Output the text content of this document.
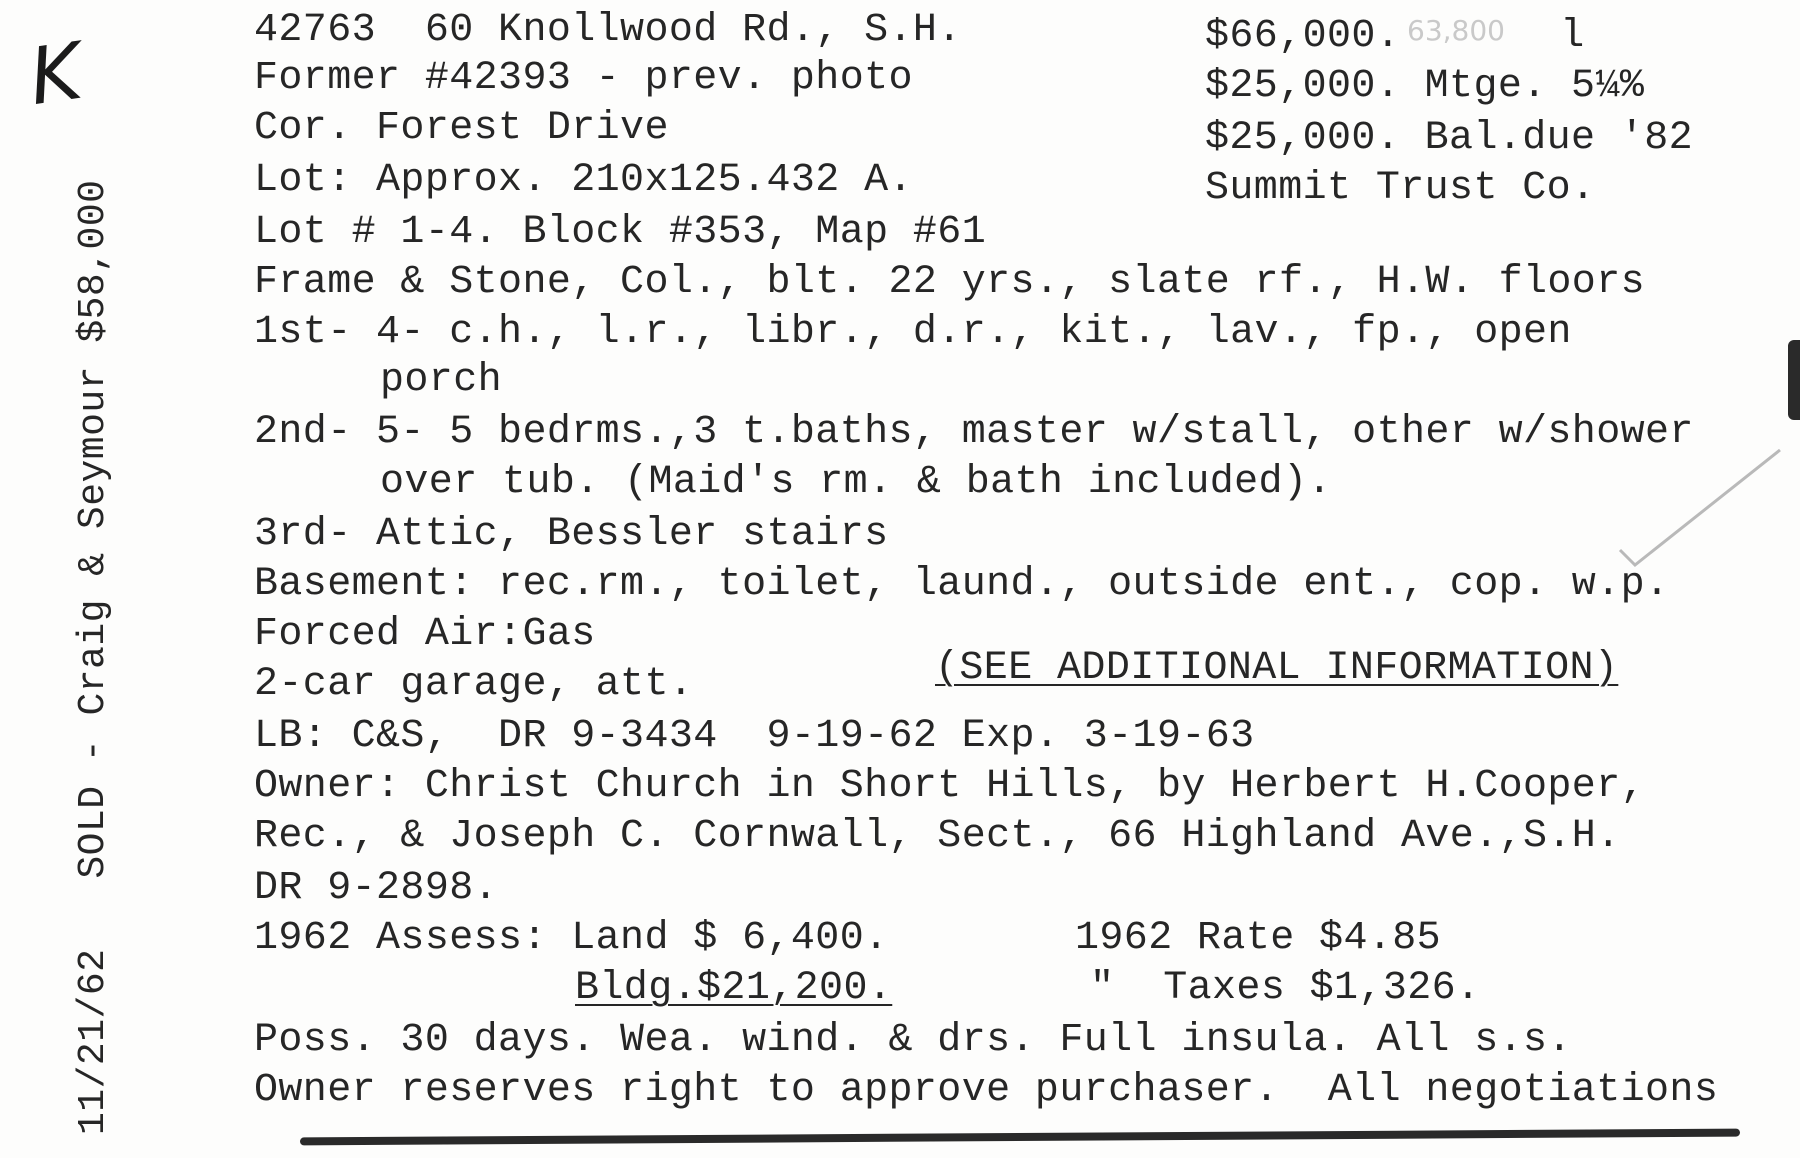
11/21/62   SOLD - Craig & Seymour $58,000
K	42763  60 Knollwood Rd., S.H.
Former #42393 - prev. photo
Cor. Forest Drive
Lot: Approx. 210x125.432 A.
Lot # 1-4. Block #353, Map #61
Frame & Stone, Col., blt. 22 yrs., slate rf., H.W. floors
1st- 4- c.h., l.r., libr., d.r., kit., lav., fp., open
porch
2nd- 5- 5 bedrms.,3 t.baths, master w/stall, other w/shower
over tub. (Maid's rm. & bath included).
3rd- Attic, Bessler stairs
Basement: rec.rm., toilet, laund., outside ent., cop. w.p.
Forced Air:Gas
2-car garage, att.	(SEE ADDITIONAL INFORMATION)
LB: C&S,  DR 9-3434  9-19-62 Exp. 3-19-63
Owner: Christ Church in Short Hills, by Herbert H.Cooper,
Rec., & Joseph C. Cornwall, Sect., 66 Highland Ave.,S.H.
DR 9-2898.
1962 Assess: Land $ 6,400.	1962 Rate $4.85
Bldg.$21,200.	"  Taxes $1,326.
Poss. 30 days. Wea. wind. & drs. Full insula. All s.s.
Owner reserves right to approve purchaser.  All negotiations
$66,000.	l
63,800
$25,000. Mtge. 5¼%
$25,000. Bal.due '82
Summit Trust Co.
